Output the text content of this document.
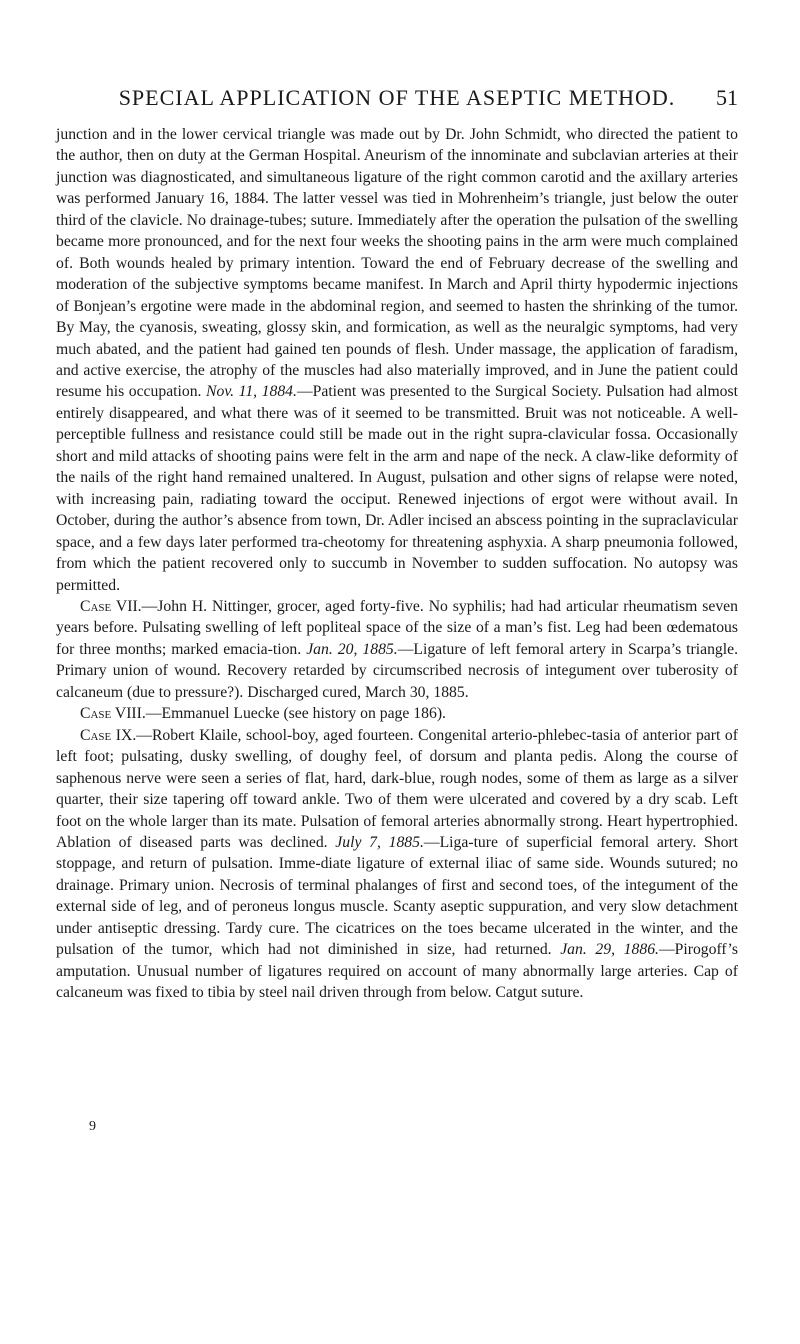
SPECIAL APPLICATION OF THE ASEPTIC METHOD.	51

junction and in the lower cervical triangle was made out by Dr. John Schmidt, who directed the patient to the author, then on duty at the German Hospital. Aneurism of the innominate and subclavian arteries at their junction was diagnosticated, and simultaneous ligature of the right common carotid and the axillary arteries was performed January 16, 1884. The latter vessel was tied in Mohrenheim’s triangle, just below the outer third of the clavicle. No drainage-tubes; suture. Immediately after the operation the pulsation of the swelling became more pronounced, and for the next four weeks the shooting pains in the arm were much complained of. Both wounds healed by primary intention. Toward the end of February decrease of the swelling and moderation of the subjective symptoms became manifest. In March and April thirty hypodermic injections of Bonjean’s ergotine were made in the abdominal region, and seemed to hasten the shrinking of the tumor. By May, the cyanosis, sweating, glossy skin, and formication, as well as the neuralgic symptoms, had very much abated, and the patient had gained ten pounds of flesh. Under massage, the application of faradism, and active exercise, the atrophy of the muscles had also materially improved, and in June the patient could resume his occupation. Nov. 11, 1884.—Patient was presented to the Surgical Society. Pulsation had almost entirely disappeared, and what there was of it seemed to be transmitted. Bruit was not noticeable. A well-perceptible fullness and resistance could still be made out in the right supra-clavicular fossa. Occasionally short and mild attacks of shooting pains were felt in the arm and nape of the neck. A claw-like deformity of the nails of the right hand remained unaltered. In August, pulsation and other signs of relapse were noted, with increasing pain, radiating toward the occiput. Renewed injections of ergot were without avail. In October, during the author’s absence from town, Dr. Adler incised an abscess pointing in the supraclavicular space, and a few days later performed tra-cheotomy for threatening asphyxia. A sharp pneumonia followed, from which the patient recovered only to succumb in November to sudden suffocation. No autopsy was permitted.

Case VII.—John H. Nittinger, grocer, aged forty-five. No syphilis; had had articular rheumatism seven years before. Pulsating swelling of left popliteal space of the size of a man’s fist. Leg had been œdematous for three months; marked emacia-tion. Jan. 20, 1885.—Ligature of left femoral artery in Scarpa’s triangle. Primary union of wound. Recovery retarded by circumscribed necrosis of integument over tuberosity of calcaneum (due to pressure?). Discharged cured, March 30, 1885.

Case VIII.—Emmanuel Luecke (see history on page 186).

Case IX.—Robert Klaile, school-boy, aged fourteen. Congenital arterio-phlebec-tasia of anterior part of left foot; pulsating, dusky swelling, of doughy feel, of dorsum and planta pedis. Along the course of saphenous nerve were seen a series of flat, hard, dark-blue, rough nodes, some of them as large as a silver quarter, their size tapering off toward ankle. Two of them were ulcerated and covered by a dry scab. Left foot on the whole larger than its mate. Pulsation of femoral arteries abnormally strong. Heart hypertrophied. Ablation of diseased parts was declined. July 7, 1885.—Liga-ture of superficial femoral artery. Short stoppage, and return of pulsation. Imme-diate ligature of external iliac of same side. Wounds sutured; no drainage. Primary union. Necrosis of terminal phalanges of first and second toes, of the integument of the external side of leg, and of peroneus longus muscle. Scanty aseptic suppuration, and very slow detachment under antiseptic dressing. Tardy cure. The cicatrices on the toes became ulcerated in the winter, and the pulsation of the tumor, which had not diminished in size, had returned. Jan. 29, 1886.—Pirogoff’s amputation. Unusual number of ligatures required on account of many abnormally large arteries. Cap of calcaneum was fixed to tibia by steel nail driven through from below. Catgut suture.

9
